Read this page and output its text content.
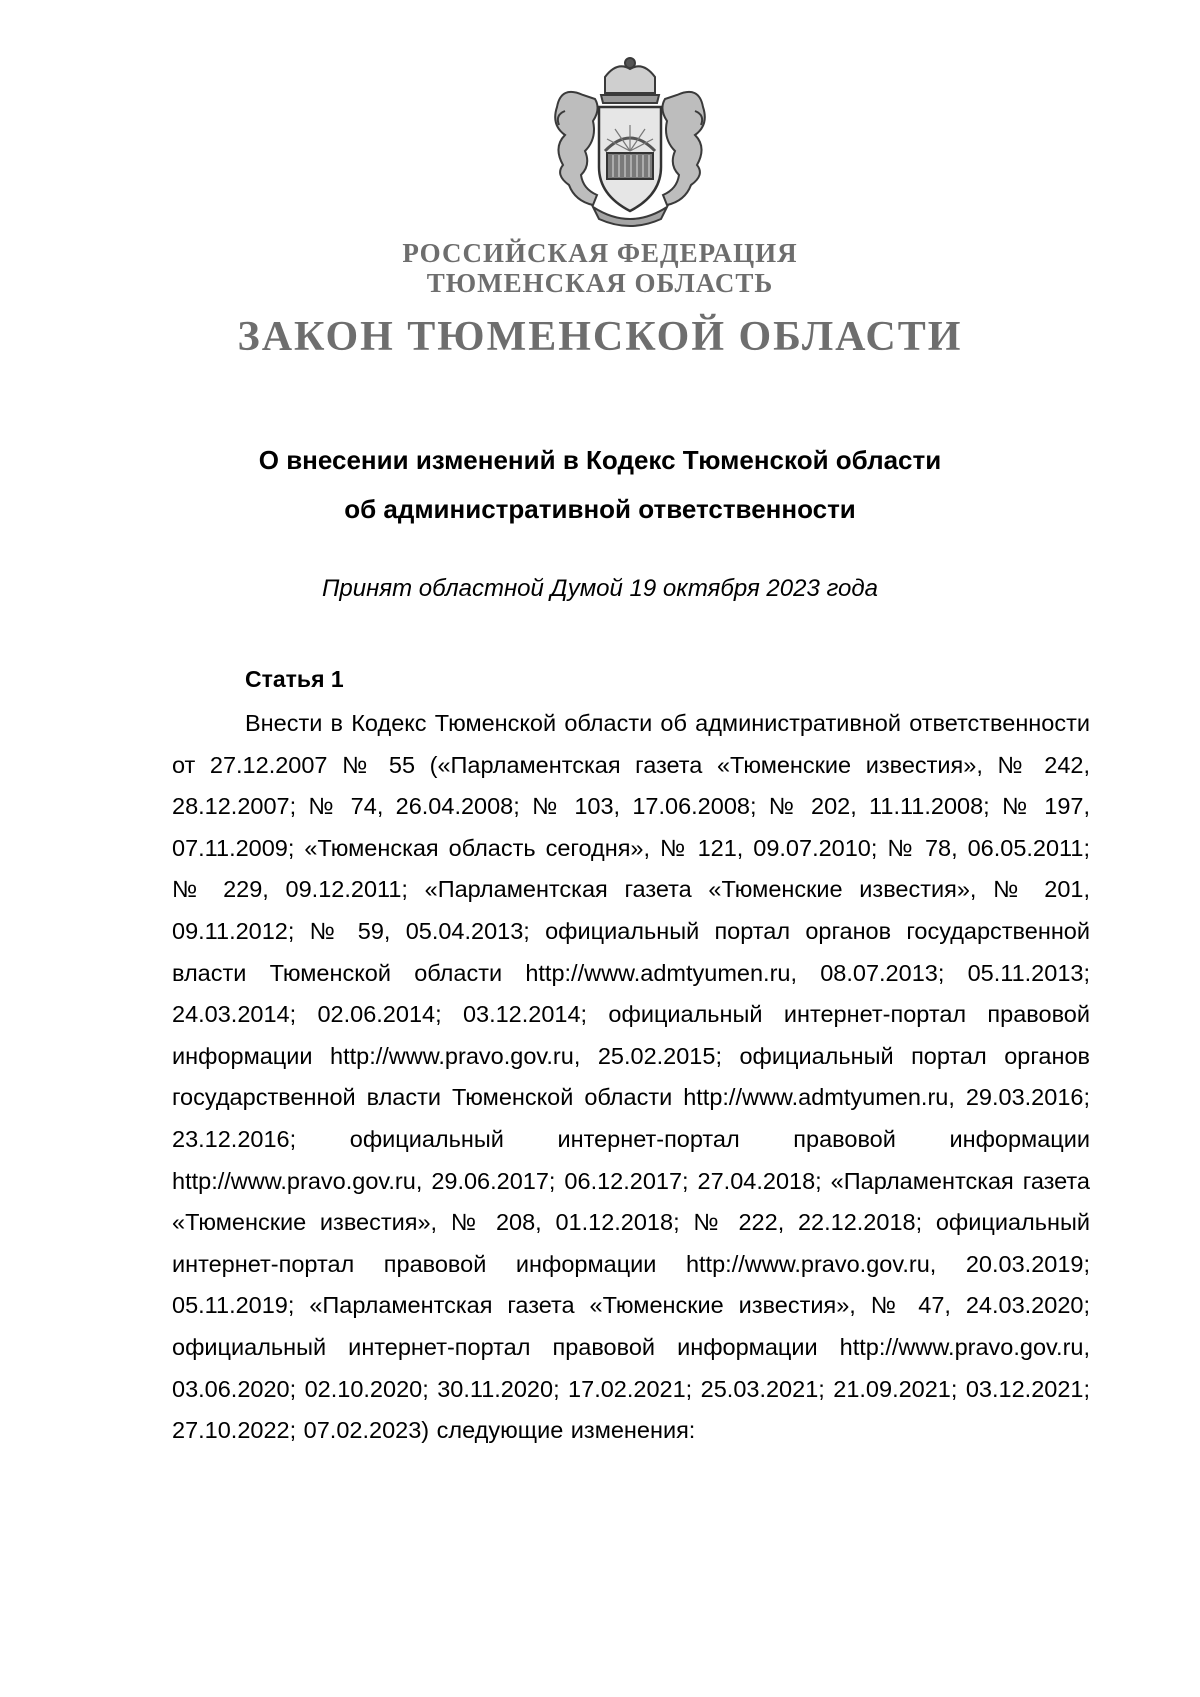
РОССИЙСКАЯ ФЕДЕРАЦИЯ
ТЮМЕНСКАЯ ОБЛАСТЬ
ЗАКОН ТЮМЕНСКОЙ ОБЛАСТИ
О внесении изменений в Кодекс Тюменской области
об административной ответственности
Принят областной Думой 19 октября 2023 года
Статья 1

Внести в Кодекс Тюменской области об административной ответственности от 27.12.2007 № 55 («Парламентская газета «Тюменские известия», № 242, 28.12.2007; № 74, 26.04.2008; № 103, 17.06.2008; № 202, 11.11.2008; № 197, 07.11.2009; «Тюменская область сегодня», № 121, 09.07.2010; № 78, 06.05.2011; № 229, 09.12.2011; «Парламентская газета «Тюменские известия», № 201, 09.11.2012; № 59, 05.04.2013; официальный портал органов государственной власти Тюменской области http://www.admtyumen.ru, 08.07.2013; 05.11.2013; 24.03.2014; 02.06.2014; 03.12.2014; официальный интернет-портал правовой информации http://www.pravo.gov.ru, 25.02.2015; официальный портал органов государственной власти Тюменской области http://www.admtyumen.ru, 29.03.2016; 23.12.2016; официальный интернет-портал правовой информации http://www.pravo.gov.ru, 29.06.2017; 06.12.2017; 27.04.2018; «Парламентская газета «Тюменские известия», № 208, 01.12.2018; № 222, 22.12.2018; официальный интернет-портал правовой информации http://www.pravo.gov.ru, 20.03.2019; 05.11.2019; «Парламентская газета «Тюменские известия», № 47, 24.03.2020; официальный интернет-портал правовой информации http://www.pravo.gov.ru, 03.06.2020; 02.10.2020; 30.11.2020; 17.02.2021; 25.03.2021; 21.09.2021; 03.12.2021; 27.10.2022; 07.02.2023) следующие изменения:
